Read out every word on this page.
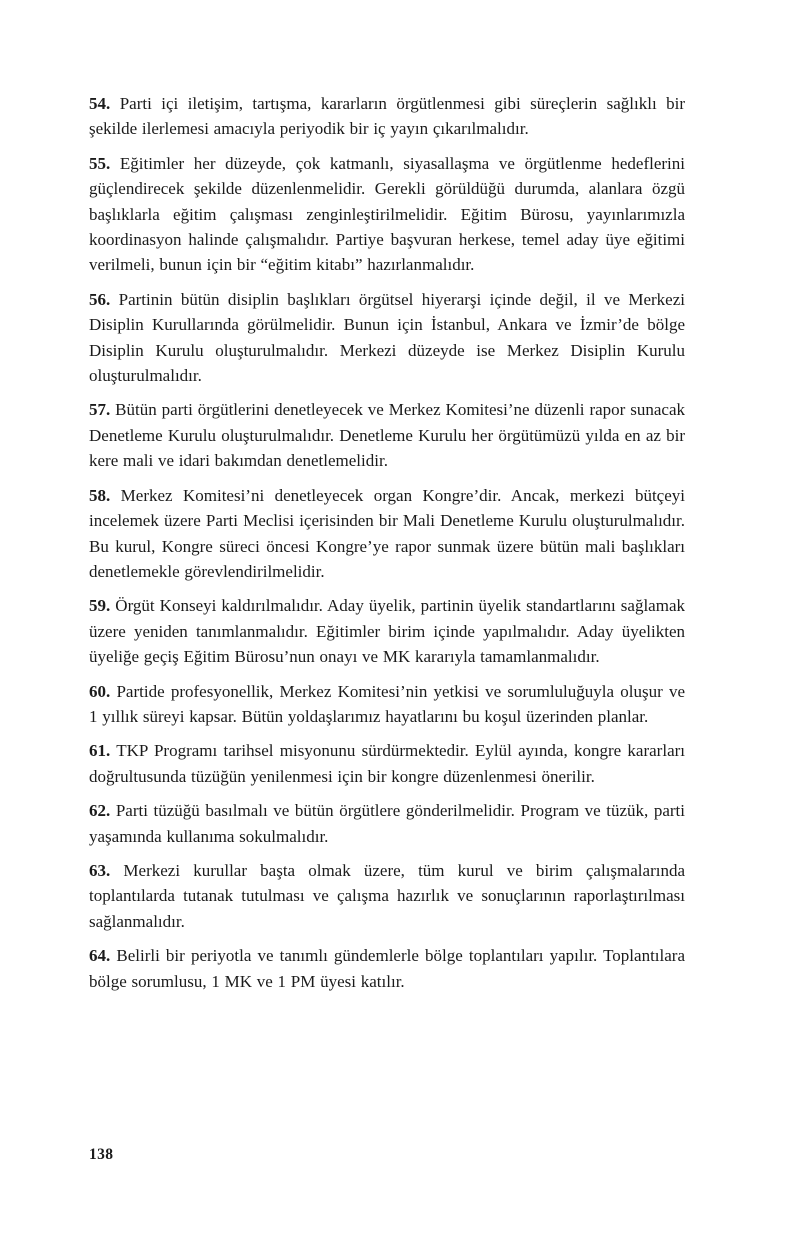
54. Parti içi iletişim, tartışma, kararların örgütlenmesi gibi süreçlerin sağlıklı bir şekilde ilerlemesi amacıyla periyodik bir iç yayın çıkarılmalıdır.

55. Eğitimler her düzeyde, çok katmanlı, siyasallaşma ve örgütlenme hedeflerini güçlendirecek şekilde düzenlenmelidir. Gerekli görüldüğü durumda, alanlara özgü başlıklarla eğitim çalışması zenginleştirilmelidir. Eğitim Bürosu, yayınlarımızla koordinasyon halinde çalışmalıdır. Partiye başvuran herkese, temel aday üye eğitimi verilmeli, bunun için bir “eğitim kitabı” hazırlanmalıdır.

56. Partinin bütün disiplin başlıkları örgütsel hiyerarşi içinde değil, il ve Merkezi Disiplin Kurullarında görülmelidir. Bunun için İstanbul, Ankara ve İzmir’de bölge Disiplin Kurulu oluşturulmalıdır. Merkezi düzeyde ise Merkez Disiplin Kurulu oluşturulmalıdır.

57. Bütün parti örgütlerini denetleyecek ve Merkez Komitesi’ne düzenli rapor sunacak Denetleme Kurulu oluşturulmalıdır. Denetleme Kurulu her örgütümüzü yılda en az bir kere mali ve idari bakımdan denetlemelidir.

58. Merkez Komitesi’ni denetleyecek organ Kongre’dir. Ancak, merkezi bütçeyi incelemek üzere Parti Meclisi içerisinden bir Mali Denetleme Kurulu oluşturulmalıdır. Bu kurul, Kongre süreci öncesi Kongre’ye rapor sunmak üzere bütün mali başlıkları denetlemekle görevlendirilmelidir.

59. Örgüt Konseyi kaldırılmalıdır. Aday üyelik, partinin üyelik standartlarını sağlamak üzere yeniden tanımlanmalıdır. Eğitimler birim içinde yapılmalıdır. Aday üyelikten üyeliğe geçiş Eğitim Bürosu’nun onayı ve MK kararıyla tamamlanmalıdır.

60. Partide profesyonellik, Merkez Komitesi’nin yetkisi ve sorumluluğuyla oluşur ve 1 yıllık süreyi kapsar. Bütün yoldaşlarımız hayatlarını bu koşul üzerinden planlar.

61. TKP Programı tarihsel misyonunu sürdürmektedir. Eylül ayında, kongre kararları doğrultusunda tüzüğün yenilenmesi için bir kongre düzenlenmesi önerilir.

62. Parti tüzüğü basılmalı ve bütün örgütlere gönderilmelidir. Program ve tüzük, parti yaşamında kullanıma sokulmalıdır.

63. Merkezi kurullar başta olmak üzere, tüm kurul ve birim çalışmalarında toplantılarda tutanak tutulması ve çalışma hazırlık ve sonuçlarının raporlaştırılması sağlanmalıdır.

64. Belirli bir periyotla ve tanımlı gündemlerle bölge toplantıları yapılır. Toplantılara bölge sorumlusu, 1 MK ve 1 PM üyesi katılır.

138
